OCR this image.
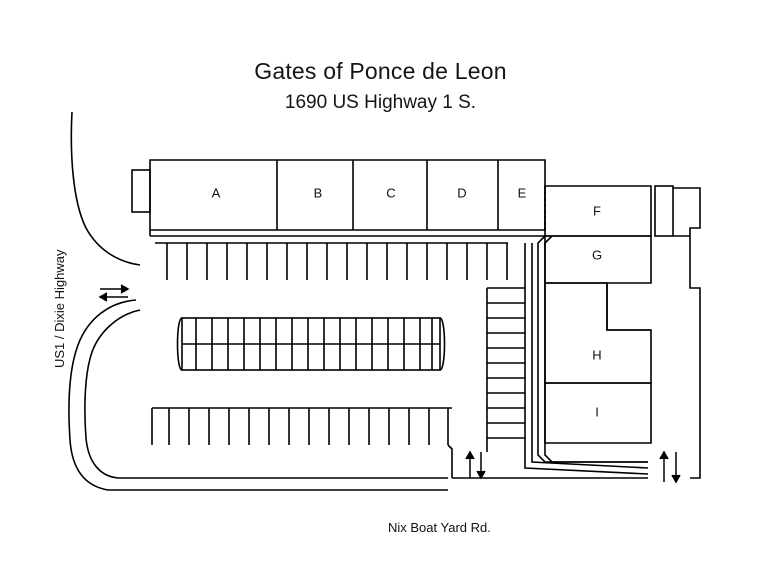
Gates of Ponce de Leon
1690 US Highway 1 S.
A	B	C	D	E
F
G
H
I
US1 / Dixie Highway
Nix Boat Yard Rd.
